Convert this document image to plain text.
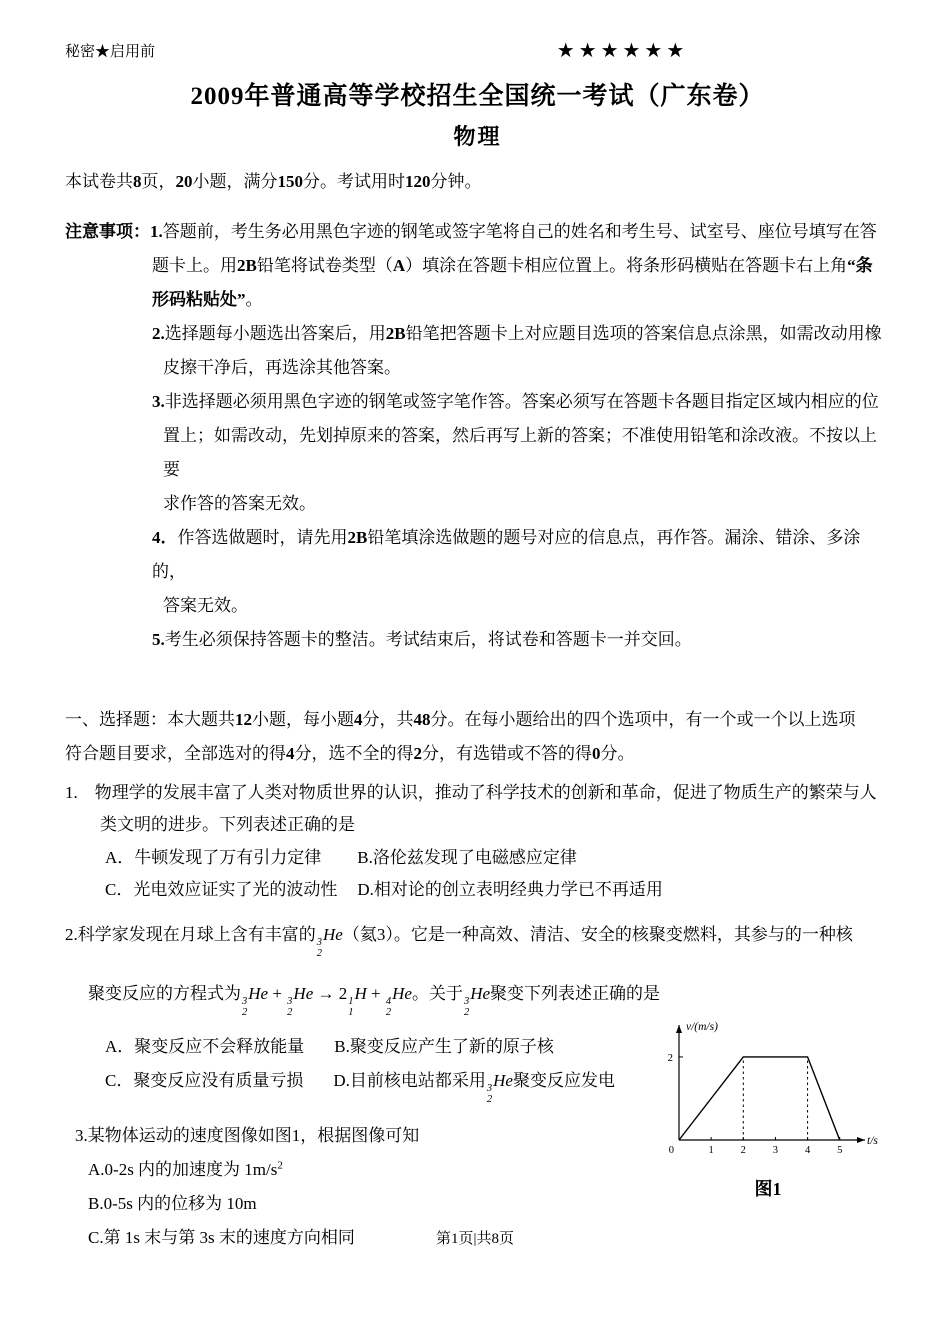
秘密★启用前	★★★★★★
2009年普通高等学校招生全国统一考试（广东卷）
物理
本试卷共8页，20小题，满分150分。考试用时120分钟。
注意事项：1.答题前，考生务必用黑色字迹的钢笔或签字笔将自己的姓名和考生号、试室号、座位号填写在答
题卡上。用2B铅笔将试卷类型（A）填涂在答题卡相应位置上。将条形码横贴在答题卡右上角“条
形码粘贴处”。
2.选择题每小题选出答案后，用2B铅笔把答题卡上对应题目选项的答案信息点涂黑，如需改动用橡
皮擦干净后，再选涂其他答案。
3.非选择题必须用黑色字迹的钢笔或签字笔作答。答案必须写在答题卡各题目指定区域内相应的位
置上；如需改动，先划掉原来的答案，然后再写上新的答案；不准使用铅笔和涂改液。不按以上要
求作答的答案无效。
4．作答选做题时，请先用2B铅笔填涂选做题的题号对应的信息点，再作答。漏涂、错涂、多涂的，
答案无效。
5.考生必须保持答题卡的整洁。考试结束后，将试卷和答题卡一并交回。
一、选择题：本大题共12小题，每小题4分，共48分。在每小题给出的四个选项中，有一个或一个以上选项
符合题目要求，全部选对的得4分，选不全的得2分，有选错或不答的得0分。
1.　物理学的发展丰富了人类对物质世界的认识，推动了科学技术的创新和革命，促进了物质生产的繁荣与人
类文明的进步。下列表述正确的是
A．牛顿发现了万有引力定律 B.洛伦兹发现了电磁感应定律
C．光电效应证实了光的波动性 D.相对论的创立表明经典力学已不再适用
2.科学家发现在月球上含有丰富的 3
2
He（氦3）。它是一种高效、清洁、安全的核聚变燃料，其参与的一种核
聚变反应的方程式为 3
2
He + 3
2
He → 2 1
1
H + 4
2
He。关于 3
2
He聚变下列表述正确的是
A．聚变反应不会释放能量 B.聚变反应产生了新的原子核
C．聚变反应没有质量亏损 D.目前核电站都采用 3
2
He聚变反应发电
3.某物体运动的速度图像如图1，根据图像可知
A.0-2s 内的加速度为 $1m/s^2$
B.0-5s 内的位移为 10m
C.第 1s 末与第 3s 末的速度方向相同
1	2	3	4	5
2
0
v/(m/s)
t/s
图1
第1页|共8页
